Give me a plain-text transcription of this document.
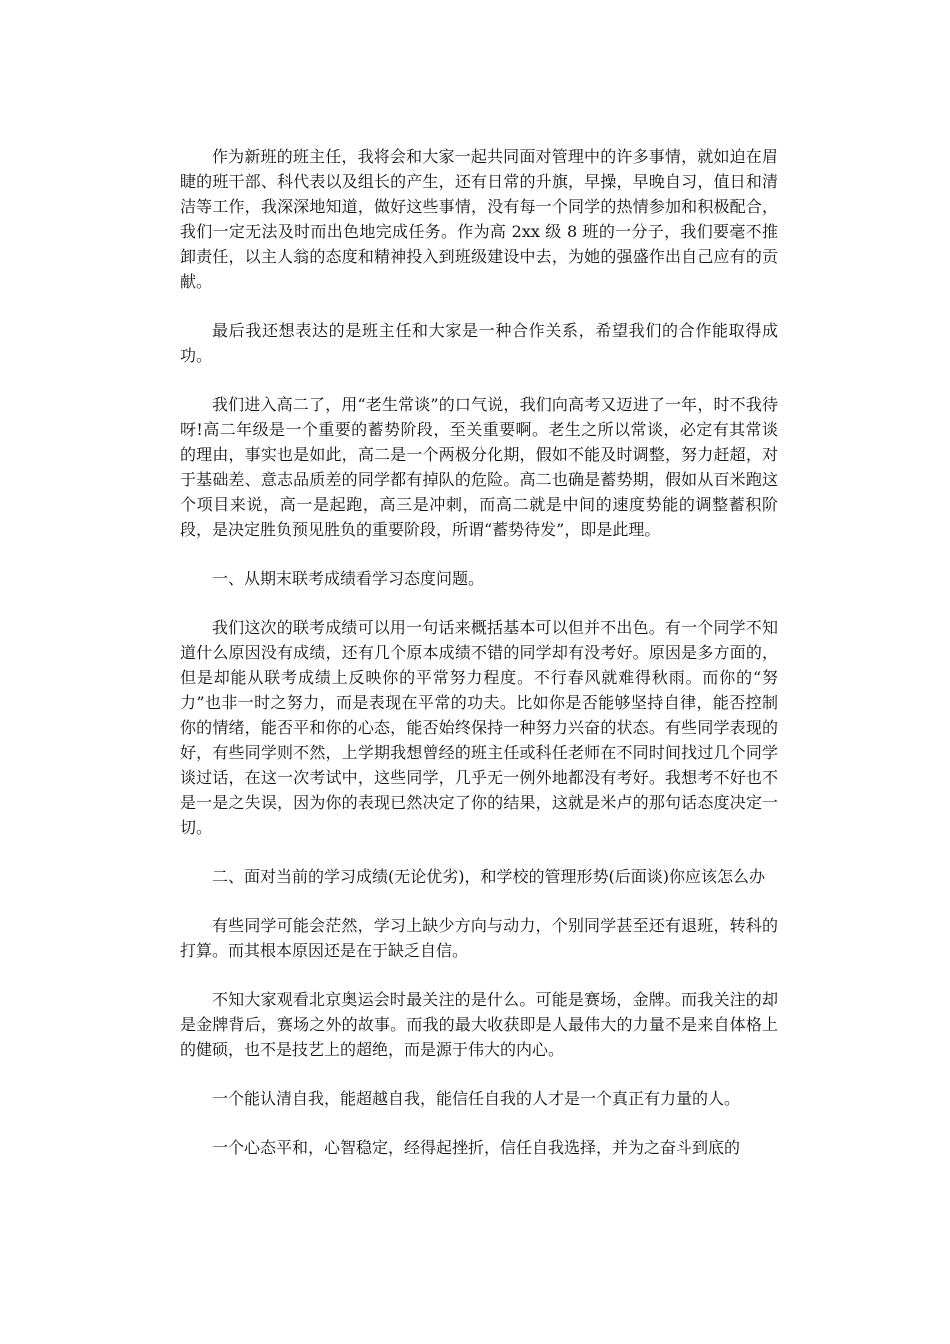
作为新班的班主任，我将会和大家一起共同面对管理中的许多事情，就如迫在眉睫的班干部、科代表以及组长的产生，还有日常的升旗，早操，早晚自习，值日和清洁等工作，我深深地知道，做好这些事情，没有每一个同学的热情参加和积极配合，我们一定无法及时而出色地完成任务。作为高 2xx 级 8 班的一分子，我们要毫不推卸责任，以主人翁的态度和精神投入到班级建设中去，为她的强盛作出自己应有的贡献。

最后我还想表达的是班主任和大家是一种合作关系，希望我们的合作能取得成功。

我们进入高二了，用“老生常谈”的口气说，我们向高考又迈进了一年，时不我待呀!高二年级是一个重要的蓄势阶段，至关重要啊。老生之所以常谈，必定有其常谈的理由，事实也是如此，高二是一个两极分化期，假如不能及时调整，努力赶超，对于基础差、意志品质差的同学都有掉队的危险。高二也确是蓄势期，假如从百米跑这个项目来说，高一是起跑，高三是冲刺，而高二就是中间的速度势能的调整蓄积阶段，是决定胜负预见胜负的重要阶段，所谓“蓄势待发”，即是此理。

一、从期末联考成绩看学习态度问题。

我们这次的联考成绩可以用一句话来概括基本可以但并不出色。有一个同学不知道什么原因没有成绩，还有几个原本成绩不错的同学却有没考好。原因是多方面的，但是却能从联考成绩上反映你的平常努力程度。不行春风就难得秋雨。而你的“努力”也非一时之努力，而是表现在平常的功夫。比如你是否能够坚持自律，能否控制你的情绪，能否平和你的心态，能否始终保持一种努力兴奋的状态。有些同学表现的好，有些同学则不然，上学期我想曾经的班主任或科任老师在不同时间找过几个同学谈过话，在这一次考试中，这些同学，几乎无一例外地都没有考好。我想考不好也不是一是之失误，因为你的表现已然决定了你的结果，这就是米卢的那句话态度决定一切。

二、面对当前的学习成绩(无论优劣)，和学校的管理形势(后面谈)你应该怎么办

有些同学可能会茫然，学习上缺少方向与动力，个别同学甚至还有退班，转科的打算。而其根本原因还是在于缺乏自信。

不知大家观看北京奥运会时最关注的是什么。可能是赛场，金牌。而我关注的却是金牌背后，赛场之外的故事。而我的最大收获即是人最伟大的力量不是来自体格上的健硕，也不是技艺上的超绝，而是源于伟大的内心。

一个能认清自我，能超越自我，能信任自我的人才是一个真正有力量的人。

一个心态平和，心智稳定，经得起挫折，信任自我选择，并为之奋斗到底的
